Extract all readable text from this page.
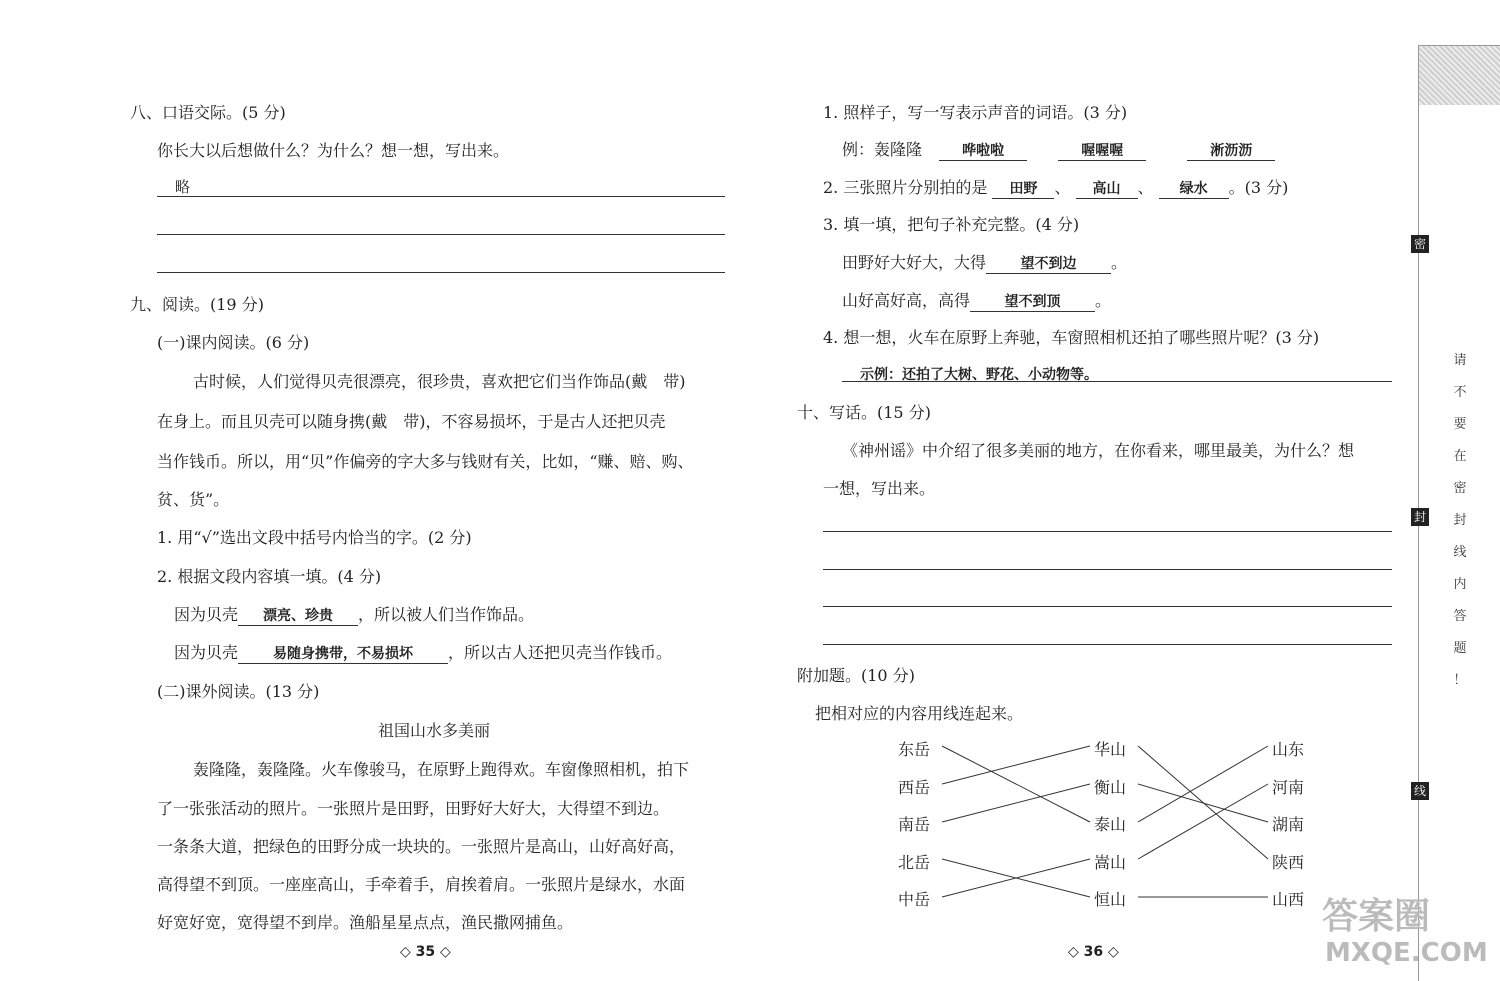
八、口语交际。(5 分)
你长大以后想做什么？为什么？想一想，写出来。
略
九、阅读。(19 分)
(一)课内阅读。(6 分)
古时候，人们觉得贝壳很漂亮，很珍贵，喜欢把它们当作饰品(戴　带)
在身上。而且贝壳可以随身携(戴　带)，不容易损坏，于是古人还把贝壳
当作钱币。所以，用“贝”作偏旁的字大多与钱财有关，比如，“赚、赔、购、
贫、货”。
1. 用“√”选出文段中括号内恰当的字。(2 分)
2. 根据文段内容填一填。(4 分)
因为贝壳 漂亮、珍贵 ，所以被人们当作饰品。
因为贝壳	易随身携带，不易损坏 ，所以古人还把贝壳当作钱币。
(二)课外阅读。(13 分)
祖国山水多美丽
轰隆隆，轰隆隆。火车像骏马，在原野上跑得欢。车窗像照相机，拍下
了一张张活动的照片。一张照片是田野，田野好大好大，大得望不到边。
一条条大道，把绿色的田野分成一块块的。一张照片是高山，山好高好高，
高得望不到顶。一座座高山，手牵着手，肩挨着肩。一张照片是绿水，水面
好宽好宽，宽得望不到岸。渔船星星点点，渔民撒网捕鱼。
◇ 35 ◇
1. 照样子，写一写表示声音的词语。(3 分)
例：轰隆隆	哗啦啦	喔喔喔	淅沥沥
2. 三张照片分别拍的是 田野 、 高山 、 绿水 。(3 分)
3. 填一填，把句子补充完整。(4 分)
田野好大好大，大得 望不到边 。
山好高好高，高得 望不到顶 。
4. 想一想，火车在原野上奔驰，车窗照相机还拍了哪些照片呢？(3 分)
示例：还拍了大树、野花、小动物等。
十、写话。(15 分)
《神州谣》中介绍了很多美丽的地方，在你看来，哪里最美，为什么？想
一想，写出来。
附加题。(10 分)
把相对应的内容用线连起来。
东岳
西岳
南岳
北岳
中岳
华山
衡山
泰山
嵩山
恒山
山东
河南
湖南
陕西
山西
◇ 36 ◇
密
封
线
请
不
要
在
密
封
线
内
答
题
！
答案圈
MXQE.COM
